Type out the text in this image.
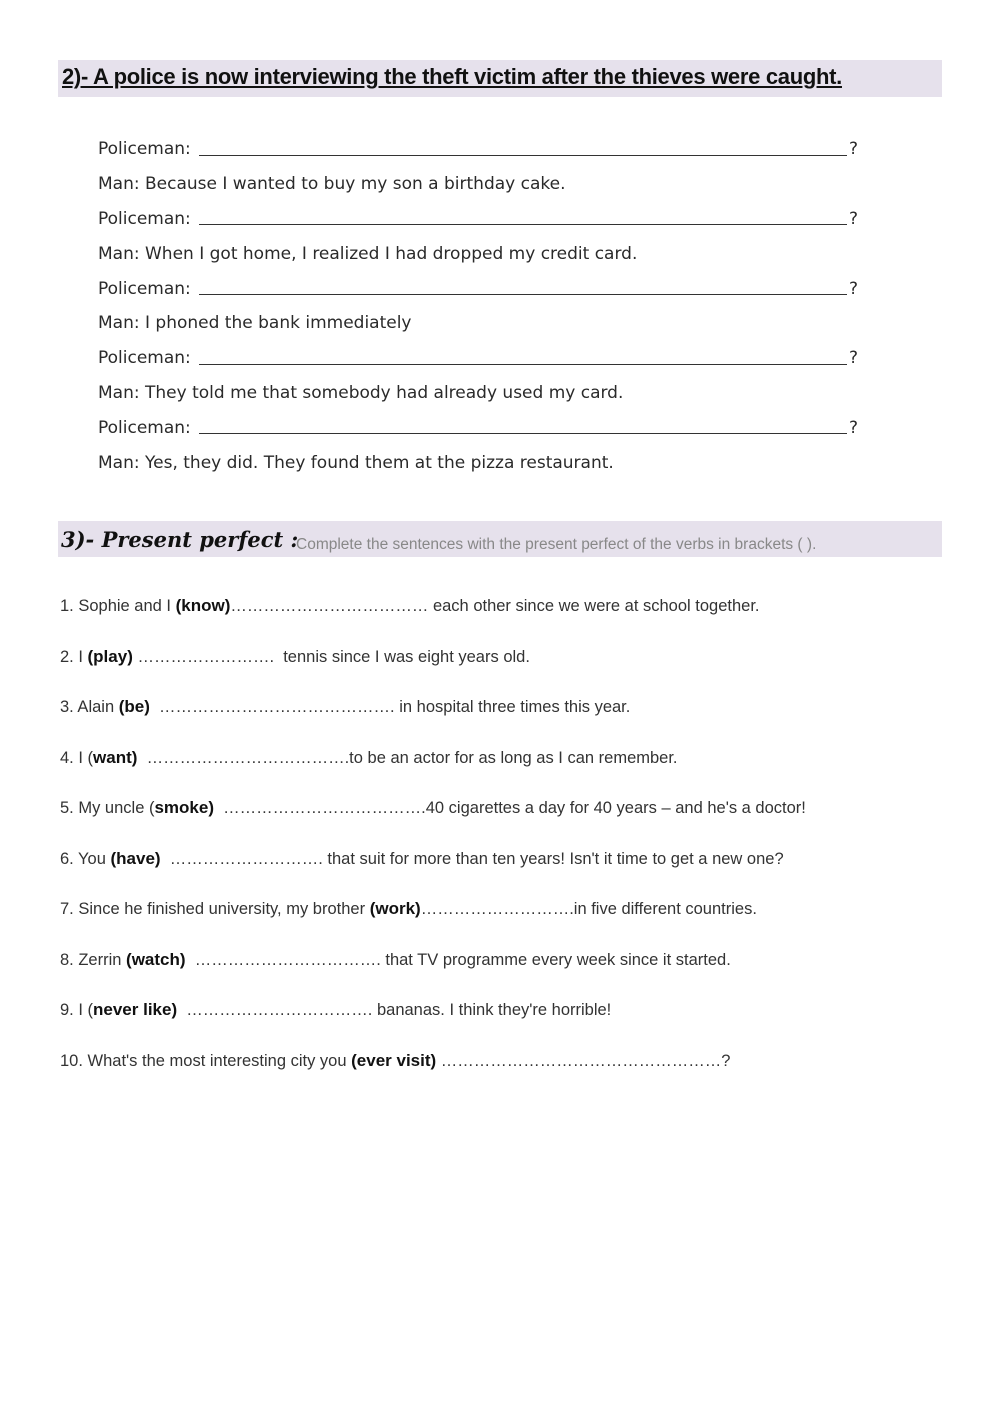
2)- A police is now interviewing the theft victim after the thieves were caught.
Policeman:	?
Man:
Because I wanted to buy my son a birthday cake.
Policeman:	?
Man:
When I got home, I realized I had dropped my credit card.
Policeman:	?
Man:
I phoned the bank immediately
Policeman:	?
Man:
They told me that somebody had already used my card.
Policeman:	?
Man:
Yes, they did. They found them at the pizza restaurant.
3)- Present perfect :
Complete the sentences with the present perfect of the verbs in brackets ( ).
1. Sophie and I (know)……………………………… each other since we were at school together.
2. I (play) …………………….  tennis since I was eight years old.
3. Alain (be)  ……………………………………. in hospital three times this year.
4. I (want)  ……………………………….to be an actor for as long as I can remember.
5. My uncle (smoke)  ……………………………….40 cigarettes a day for 40 years – and he's a doctor!
6. You (have)  ………………………. that suit for more than ten years! Isn't it time to get a new one?
7. Since he finished university, my brother (work)……………………….in five different countries.
8. Zerrin (watch)  ……………………………. that TV programme every week since it started.
9. I (never like)  ……………………………. bananas. I think they're horrible!
10. What's the most interesting city you (ever visit) ……………………………………………?
